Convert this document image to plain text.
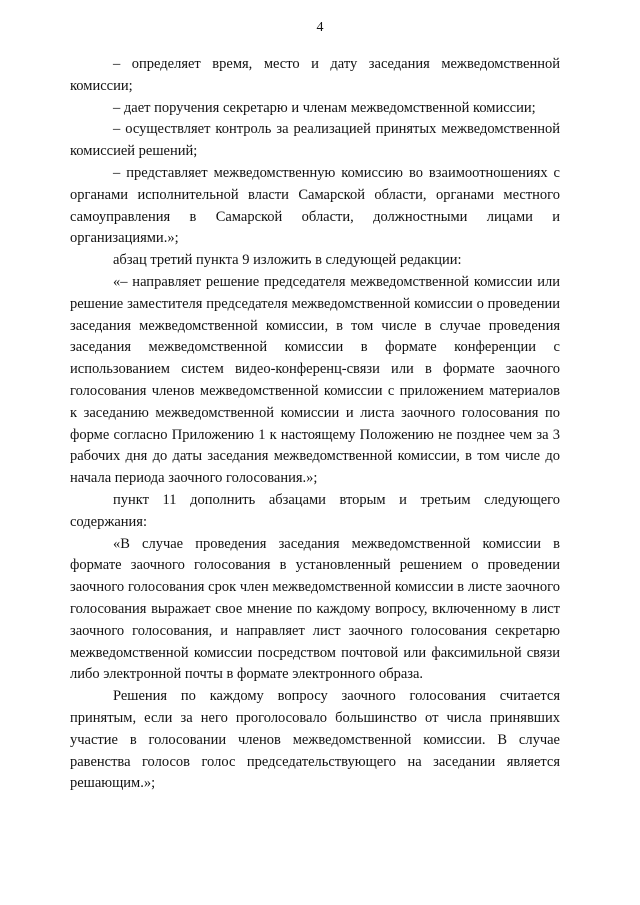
4

– определяет время, место и дату заседания межведомственной комиссии;

– дает поручения секретарю и членам межведомственной комиссии;

– осуществляет контроль за реализацией принятых межведомственной комиссией решений;

– представляет межведомственную комиссию во взаимоотношениях с органами исполнительной власти Самарской области, органами местного самоуправления в Самарской области, должностными лицами и организациями.»;

абзац третий пункта 9 изложить в следующей редакции:

«– направляет решение председателя межведомственной комиссии или решение заместителя председателя межведомственной комиссии о проведении заседания межведомственной комиссии, в том числе в случае проведения заседания межведомственной комиссии в формате конференции с использованием систем видео-конференц-связи или в формате заочного голосования членов межведомственной комиссии с приложением материалов к заседанию межведомственной комиссии и листа заочного голосования по форме согласно Приложению 1 к настоящему Положению не позднее чем за 3 рабочих дня до даты заседания межведомственной комиссии, в том числе до начала периода заочного голосования.»;

пункт 11 дополнить абзацами вторым и третьим следующего содержания:

«В случае проведения заседания межведомственной комиссии в формате заочного голосования в установленный решением о проведении заочного голосования срок член межведомственной комиссии в листе заочного голосования выражает свое мнение по каждому вопросу, включенному в лист заочного голосования, и направляет лист заочного голосования секретарю межведомственной комиссии посредством почтовой или факсимильной связи либо электронной почты в формате электронного образа.

Решения по каждому вопросу заочного голосования считается принятым, если за него проголосовало большинство от числа принявших участие в голосовании членов межведомственной комиссии. В случае равенства голосов голос председательствующего на заседании является решающим.»;
